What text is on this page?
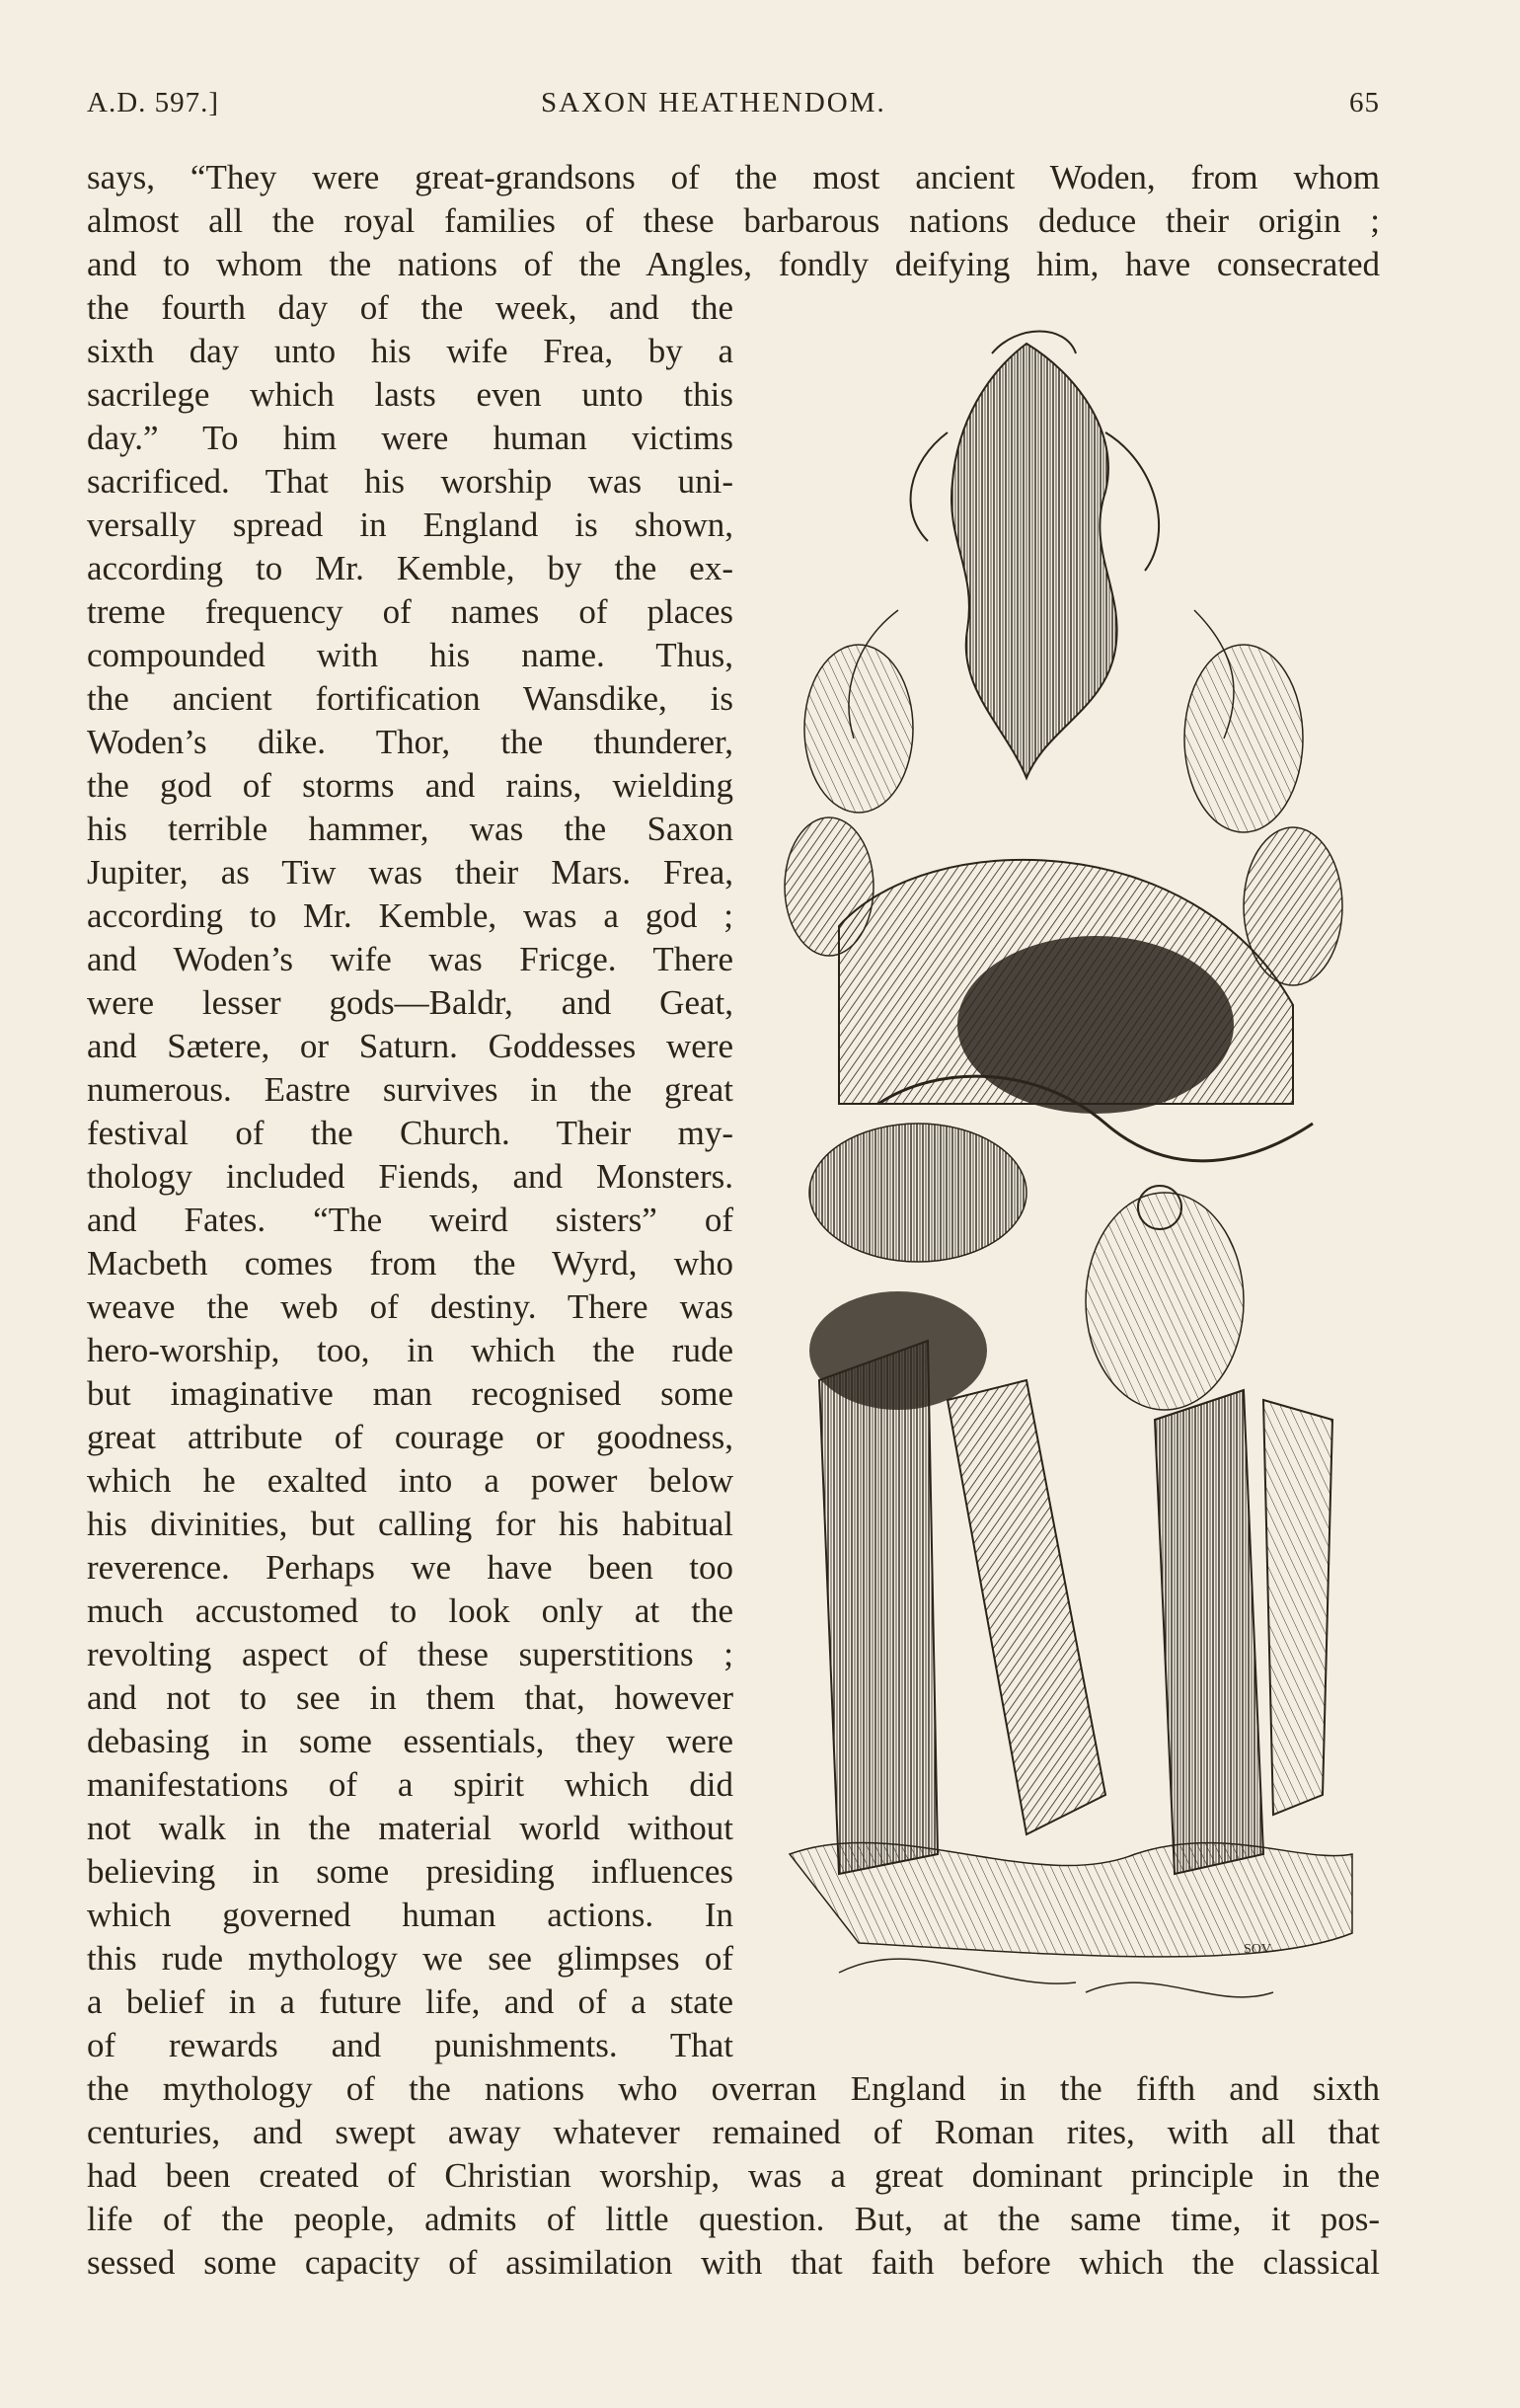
A.D. 597.]	SAXON HEATHENDOM.	65
says, “They were great-grandsons of the most ancient Woden, from whom
almost all the royal families of these barbarous nations deduce their origin ;
and to whom the nations of the Angles, fondly deifying him, have consecrated
the fourth day of the week, and the
sixth day unto his wife Frea, by a
sacrilege which lasts even unto this
day.” To him were human victims
sacrificed. That his worship was uni-
versally spread in England is shown,
according to Mr. Kemble, by the ex-
treme frequency of names of places
compounded with his name. Thus,
the ancient fortification Wansdike, is
Woden’s dike. Thor, the thunderer,
the god of storms and rains, wielding
his terrible hammer, was the Saxon
Jupiter, as Tiw was their Mars. Frea,
according to Mr. Kemble, was a god ;
and Woden’s wife was Fricge. There
were lesser gods—Baldr, and Geat,
and Sætere, or Saturn. Goddesses were
numerous. Eastre survives in the great
festival of the Church. Their my-
thology included Fiends, and Monsters.
and Fates. “The weird sisters” of
Macbeth comes from the Wyrd, who
weave the web of destiny. There was
hero-worship, too, in which the rude
but imaginative man recognised some
great attribute of courage or goodness,
which he exalted into a power below
his divinities, but calling for his habitual
reverence. Perhaps we have been too
much accustomed to look only at the
revolting aspect of these superstitions ;
and not to see in them that, however
debasing in some essentials, they were
manifestations of a spirit which did
not walk in the material world without
believing in some presiding influences
which governed human actions. In
this rude mythology we see glimpses of
a belief in a future life, and of a state
of rewards and punishments. That
the mythology of the nations who overran England in the fifth and sixth
centuries, and swept away whatever remained of Roman rites, with all that
had been created of Christian worship, was a great dominant principle in the
life of the people, admits of little question. But, at the same time, it pos-
sessed some capacity of assimilation with that faith before which the classical
SOV
